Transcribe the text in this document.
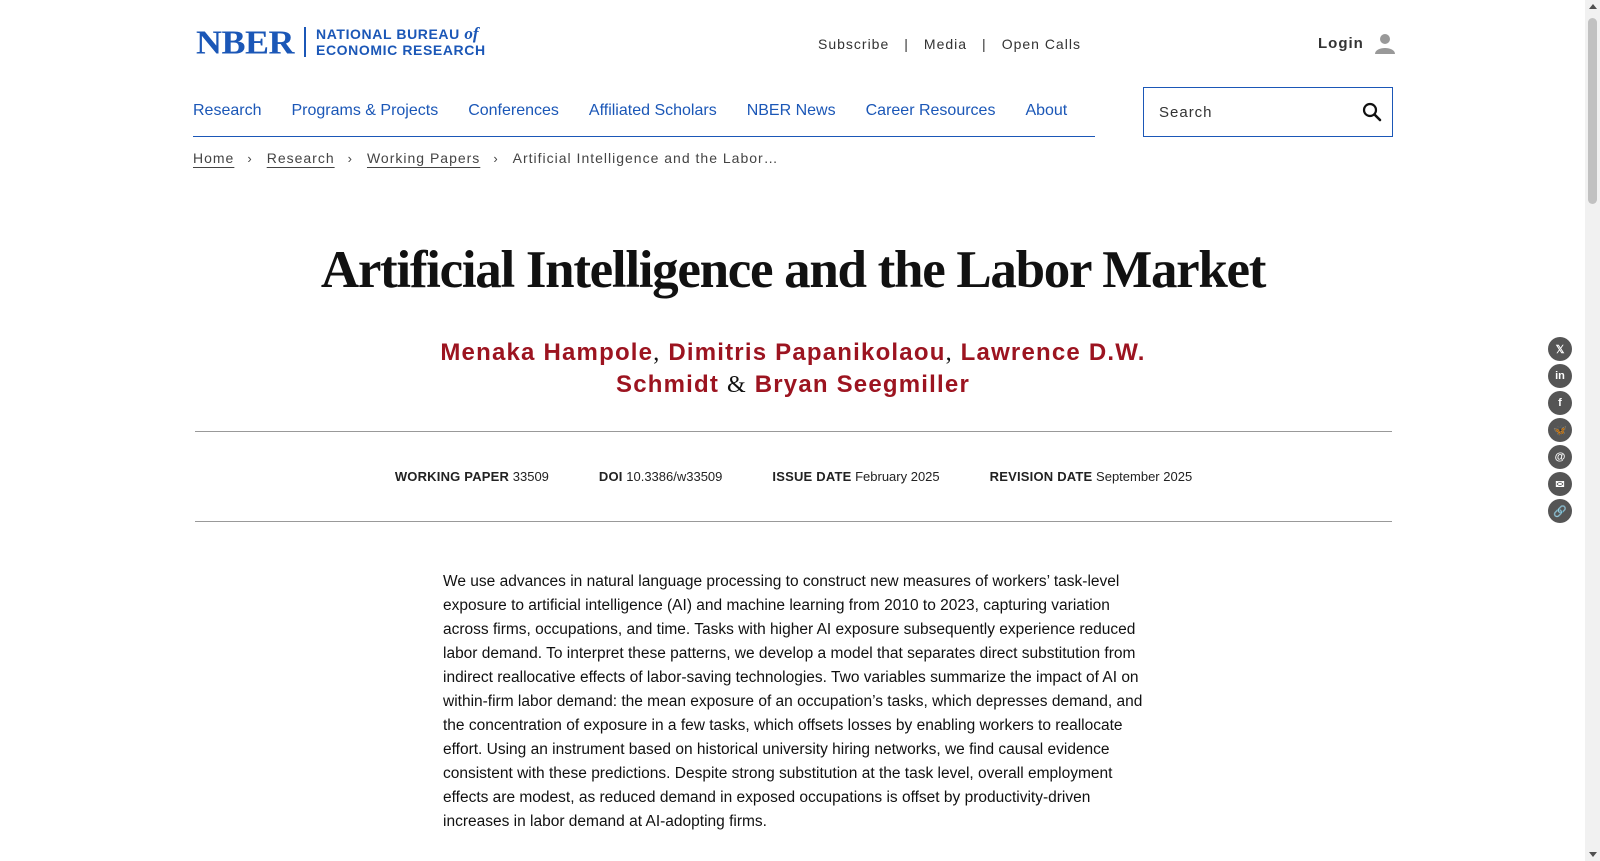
NBER NATIONAL BUREAU of
ECONOMIC RESEARCH	Subscribe | Media | Open Calls	Login
Research Programs & Projects Conferences Affiliated Scholars NBER News Career Resources About
Search
Home › Research › Working Papers › Artificial Intelligence and the Labor…
Artificial Intelligence and the Labor Market
Menaka Hampole, Dimitris Papanikolaou, Lawrence D.W. Schmidt & Bryan Seegmiller
WORKING PAPER 33509	DOI 10.3386/w33509	ISSUE DATE February 2025	REVISION DATE September 2025

We use advances in natural language processing to construct new measures of workers’ task-level exposure to artificial intelligence (AI) and machine learning from 2010 to 2023, capturing variation across firms, occupations, and time. Tasks with higher AI exposure subsequently experience reduced labor demand. To interpret these patterns, we develop a model that separates direct substitution from indirect reallocative effects of labor-saving technologies. Two variables summarize the impact of AI on within-firm labor demand: the mean exposure of an occupation’s tasks, which depresses demand, and the concentration of exposure in a few tasks, which offsets losses by enabling workers to reallocate effort. Using an instrument based on historical university hiring networks, we find causal evidence consistent with these predictions. Despite strong substitution at the task level, overall employment effects are modest, as reduced demand in exposed occupations is offset by productivity-driven increases in labor demand at AI-adopting firms.

𝕏
in
f
🦋
@
✉
🔗
